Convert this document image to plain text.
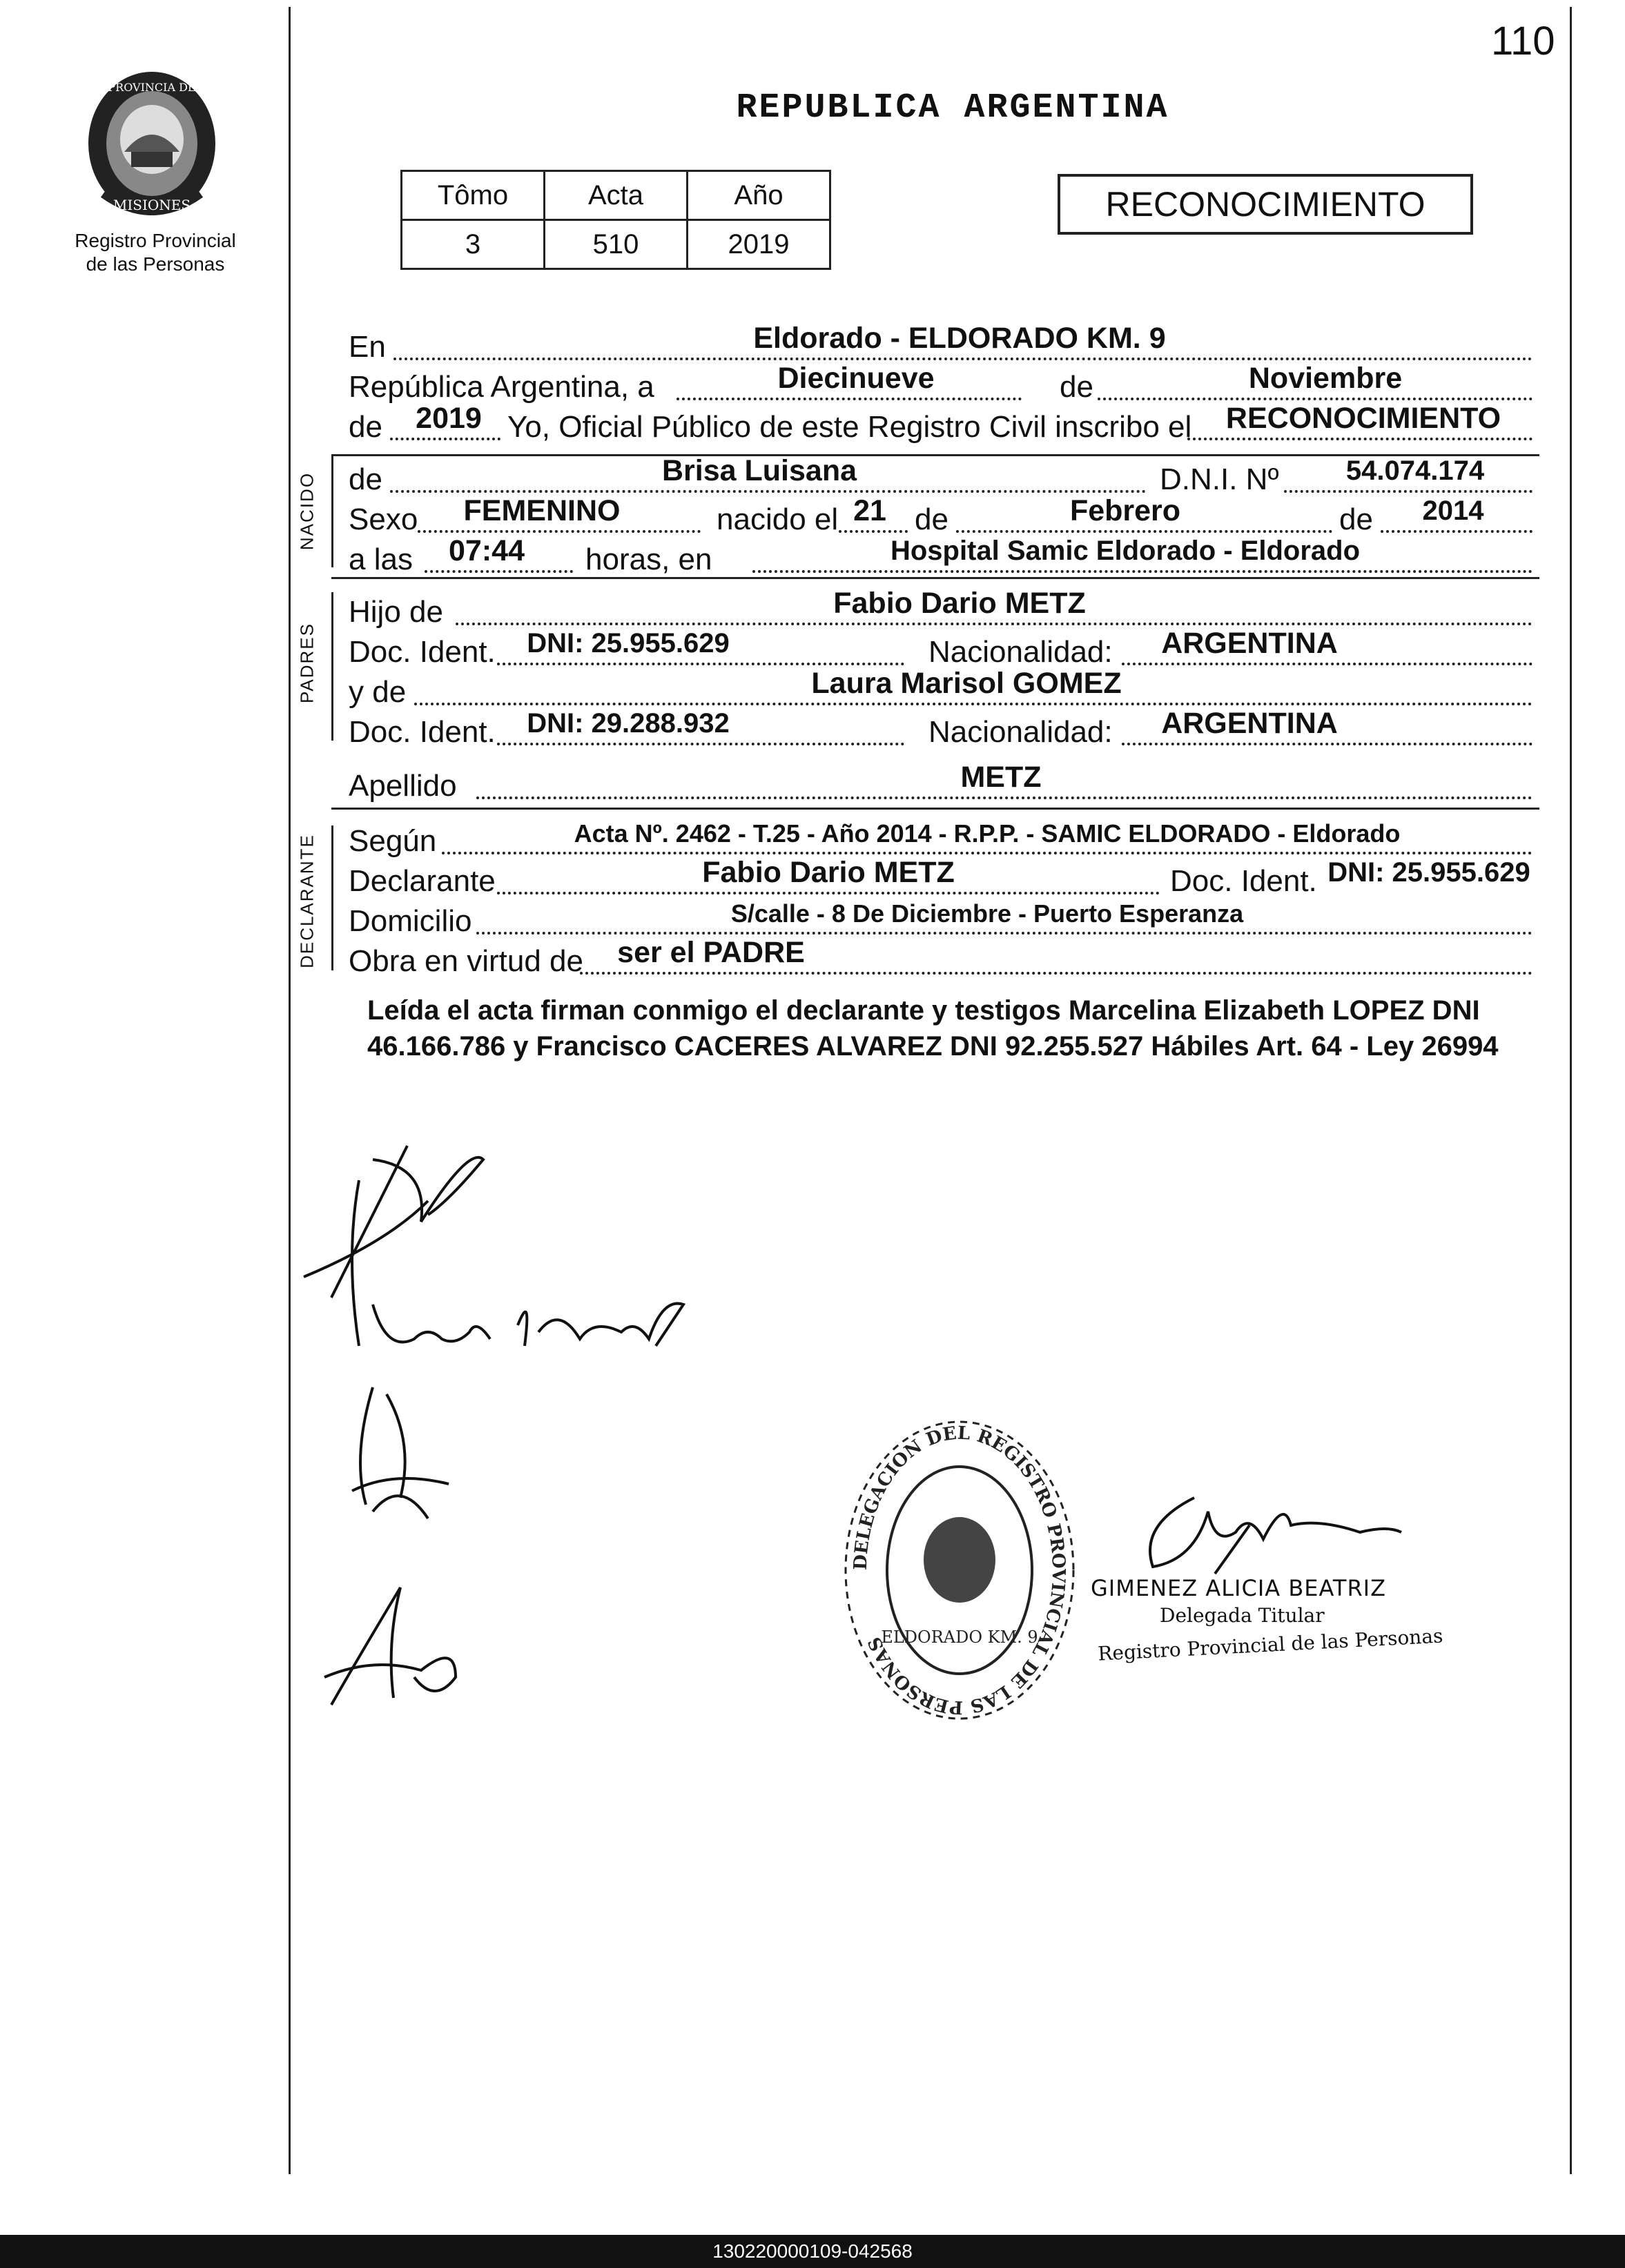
110
PROVINCIA DE
MISIONES
Registro Provincial
de las Personas
REPUBLICA ARGENTINA
Tômo	Acta	Año
3	510	2019
RECONOCIMIENTO
En	Eldorado - ELDORADO KM. 9
República Argentina, a	Diecinueve	de	Noviembre
de	2019 Yo, Oficial Público de este Registro Civil inscribo el	RECONOCIMIENTO
NACIDO de	Brisa Luisana	D.N.I. Nº	54.074.174
Sexo	FEMENINO	nacido el 21 de	Febrero	de	2014
a las	07:44	horas, en	Hospital Samic Eldorado - Eldorado
PADRES
Hijo de	Fabio Dario METZ
Doc. Ident.	DNI: 25.955.629	Nacionalidad:	ARGENTINA
y de	Laura Marisol GOMEZ
Doc. Ident.	DNI: 29.288.932	Nacionalidad:	ARGENTINA
Apellido	METZ
DECLARANTE Según	Acta Nº. 2462 - T.25 - Año 2014 - R.P.P. - SAMIC ELDORADO - Eldorado
Declarante	Fabio Dario METZ	Doc. Ident. DNI: 25.955.629
Domicilio	S/calle - 8 De Diciembre - Puerto Esperanza
Obra en virtud de	ser el PADRE
Leída el acta firman conmigo el declarante y testigos Marcelina Elizabeth LOPEZ DNI 46.166.786 y Francisco CACERES ALVAREZ DNI 92.255.527 Hábiles Art. 64 - Ley 26994
DELEGACION DEL REGISTRO PROVINCIAL DE LAS PERSONAS
ELDORADO KM. 9
GIMENEZ ALICIA BEATRIZ
Delegada Titular
Registro Provincial de las Personas
130220000109-042568
